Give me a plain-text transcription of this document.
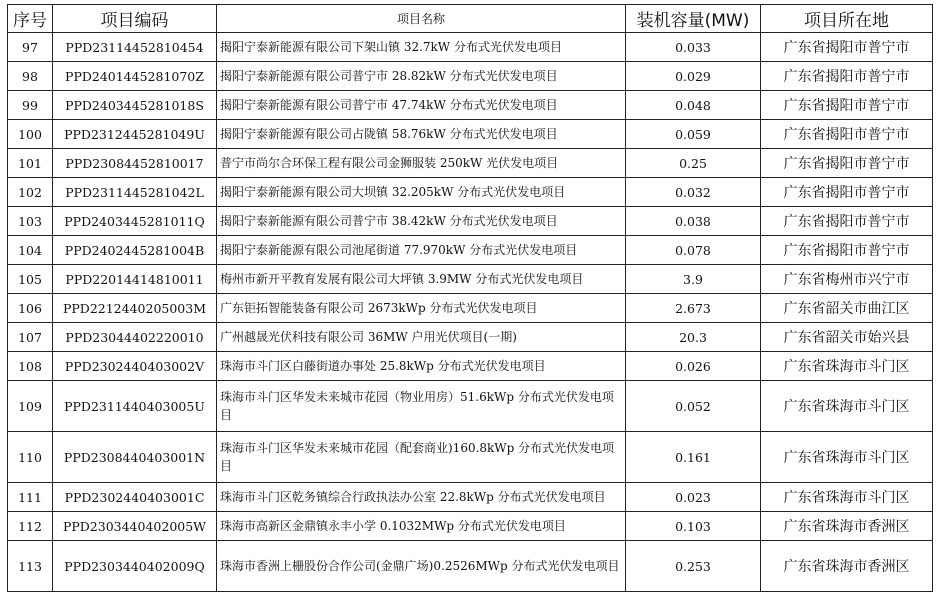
序号	项目编码	项目名称	装机容量(MW)	项目所在地
97	PPD23114452810454	揭阳宁泰新能源有限公司下架山镇 32.7kW 分布式光伏发电项目	0.033	广东省揭阳市普宁市
98	PPD2401445281070Z	揭阳宁泰新能源有限公司普宁市 28.82kW 分布式光伏发电项目	0.029	广东省揭阳市普宁市
99	PPD2403445281018S	揭阳宁泰新能源有限公司普宁市 47.74kW 分布式光伏发电项目	0.048	广东省揭阳市普宁市
100	PPD2312445281049U	揭阳宁泰新能源有限公司占陇镇 58.76kW 分布式光伏发电项目	0.059	广东省揭阳市普宁市
101	PPD23084452810017	普宁市尚尔合环保工程有限公司金狮服装 250kW 光伏发电项目	0.25	广东省揭阳市普宁市
102	PPD2311445281042L	揭阳宁泰新能源有限公司大坝镇 32.205kW 分布式光伏发电项目	0.032	广东省揭阳市普宁市
103	PPD2403445281011Q	揭阳宁泰新能源有限公司普宁市 38.42kW 分布式光伏发电项目	0.038	广东省揭阳市普宁市
104	PPD2402445281004B	揭阳宁泰新能源有限公司池尾街道 77.970kW 分布式光伏发电项目	0.078	广东省揭阳市普宁市
105	PPD22014414810011	梅州市新开平教育发展有限公司大坪镇 3.9MW 分布式光伏发电项目	3.9	广东省梅州市兴宁市
106	PPD2212440205003M	广东钜拓智能装备有限公司 2673kWp 分布式光伏发电项目	2.673	广东省韶关市曲江区
107	PPD23044402220010	广州越晟光伏科技有限公司 36MW 户用光伏项目(一期)	20.3	广东省韶关市始兴县
108	PPD2302440403002V	珠海市斗门区白藤街道办事处 25.8kWp 分布式光伏发电项目	0.026	广东省珠海市斗门区
109	PPD2311440403005U	珠海市斗门区华发未来城市花园（物业用房）51.6kWp 分布式光伏发电项目	0.052	广东省珠海市斗门区
110	PPD2308440403001N	珠海市斗门区华发未来城市花园（配套商业)160.8kWp 分布式光伏发电项目	0.161	广东省珠海市斗门区
111	PPD2302440403001C	珠海市斗门区乾务镇综合行政执法办公室 22.8kWp 分布式光伏发电项目	0.023	广东省珠海市斗门区
112	PPD2303440402005W	珠海市高新区金鼎镇永丰小学 0.1032MWp 分布式光伏发电项目	0.103	广东省珠海市香洲区
113	PPD2303440402009Q	珠海市香洲上栅股份合作公司(金鼎广场)0.2526MWp 分布式光伏发电项目	0.253	广东省珠海市香洲区
